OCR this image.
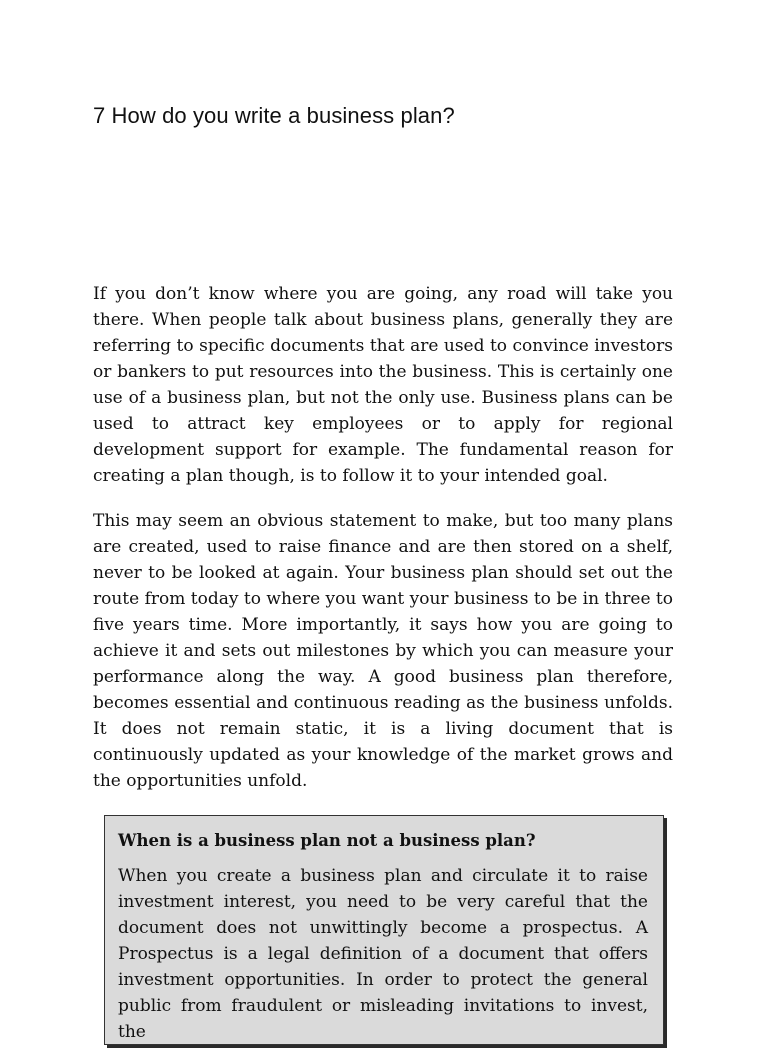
7 How do you write a business plan?

If you don’t know where you are going, any road will take you there. When people talk about business plans, generally they are referring to specific documents that are used to convince investors or bankers to put resources into the business. This is certainly one use of a business plan, but not the only use. Business plans can be used to attract key employees or to apply for regional development support for example. The fundamental reason for creating a plan though, is to follow it to your intended goal.

This may seem an obvious statement to make, but too many plans are created, used to raise finance and are then stored on a shelf, never to be looked at again. Your business plan should set out the route from today to where you want your business to be in three to five years time. More importantly, it says how you are going to achieve it and sets out milestones by which you can measure your performance along the way. A good business plan therefore, becomes essential and continuous reading as the business unfolds. It does not remain static, it is a living document that is continuously updated as your knowledge of the market grows and the opportunities unfold.

When is a business plan not a business plan?

When you create a business plan and circulate it to raise investment interest, you need to be very careful that the document does not unwittingly become a prospectus. A Prospectus is a legal definition of a document that offers investment opportunities. In order to protect the general public from fraudulent or misleading invitations to invest, the
